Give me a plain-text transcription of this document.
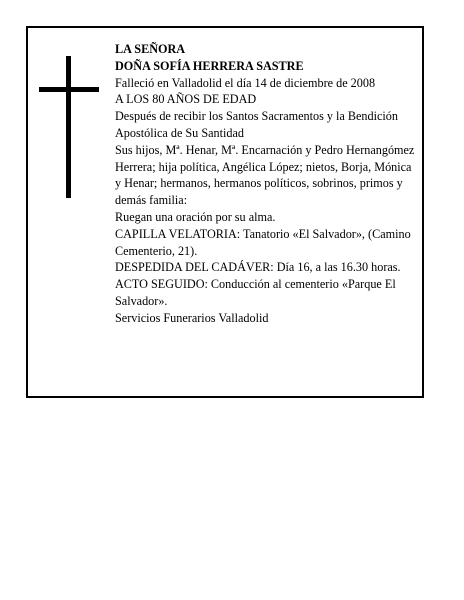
LA SEÑORA

DOÑA SOFÍA HERRERA SASTRE

Falleció en Valladolid el día 14 de diciembre de 2008

A LOS 80 AÑOS DE EDAD

Después de recibir los Santos Sacramentos y la Bendición Apostólica de Su Santidad

Sus hijos, Mª. Henar, Mª. Encarnación y Pedro Hernangómez Herrera; hija política, Angélica López; nietos, Borja, Mónica y Henar; hermanos, hermanos políticos, sobrinos, primos y demás familia:

Ruegan una oración por su alma.

CAPILLA VELATORIA: Tanatorio «El Salvador», (Camino Cementerio, 21).

DESPEDIDA DEL CADÁVER: Día 16, a las 16.30 horas.

ACTO SEGUIDO: Conducción al cementerio «Parque El Salvador».

Servicios Funerarios Valladolid
